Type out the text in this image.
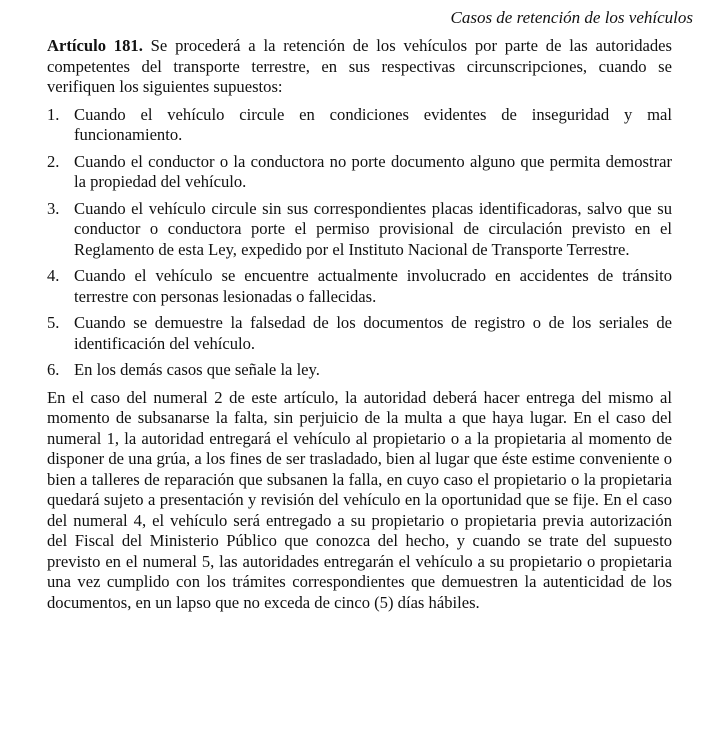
Casos de retención de los vehículos

Artículo 181. Se procederá a la retención de los vehículos por parte de las autoridades competentes del transporte terrestre, en sus respectivas circunscripciones, cuando se verifiquen los siguientes supuestos:

1. Cuando el vehículo circule en condiciones evidentes de inseguridad y mal funcionamiento.
2. Cuando el conductor o la conductora no porte documento alguno que permita demostrar la propiedad del vehículo.
3. Cuando el vehículo circule sin sus correspondientes placas identificadoras, salvo que su conductor o conductora porte el permiso provisional de circulación previsto en el Reglamento de esta Ley, expedido por el Instituto Nacional de Transporte Terrestre.
4. Cuando el vehículo se encuentre actualmente involucrado en accidentes de tránsito terrestre con personas lesionadas o fallecidas.
5. Cuando se demuestre la falsedad de los documentos de registro o de los seriales de identificación del vehículo.
6. En los demás casos que señale la ley.

En el caso del numeral 2 de este artículo, la autoridad deberá hacer entrega del mismo al momento de subsanarse la falta, sin perjuicio de la multa a que haya lugar. En el caso del numeral 1, la autoridad entregará el vehículo al propietario o a la propietaria al momento de disponer de una grúa, a los fines de ser trasladado, bien al lugar que éste estime conveniente o bien a talleres de reparación que subsanen la falla, en cuyo caso el propietario o la propietaria quedará sujeto a presentación y revisión del vehículo en la oportunidad que se fije. En el caso del numeral 4, el vehículo será entregado a su propietario o propietaria previa autorización del Fiscal del Ministerio Público que conozca del hecho, y cuando se trate del supuesto previsto en el numeral 5, las autoridades entregarán el vehículo a su propietario o propietaria una vez cumplido con los trámites correspondientes que demuestren la autenticidad de los documentos, en un lapso que no exceda de cinco (5) días hábiles.
